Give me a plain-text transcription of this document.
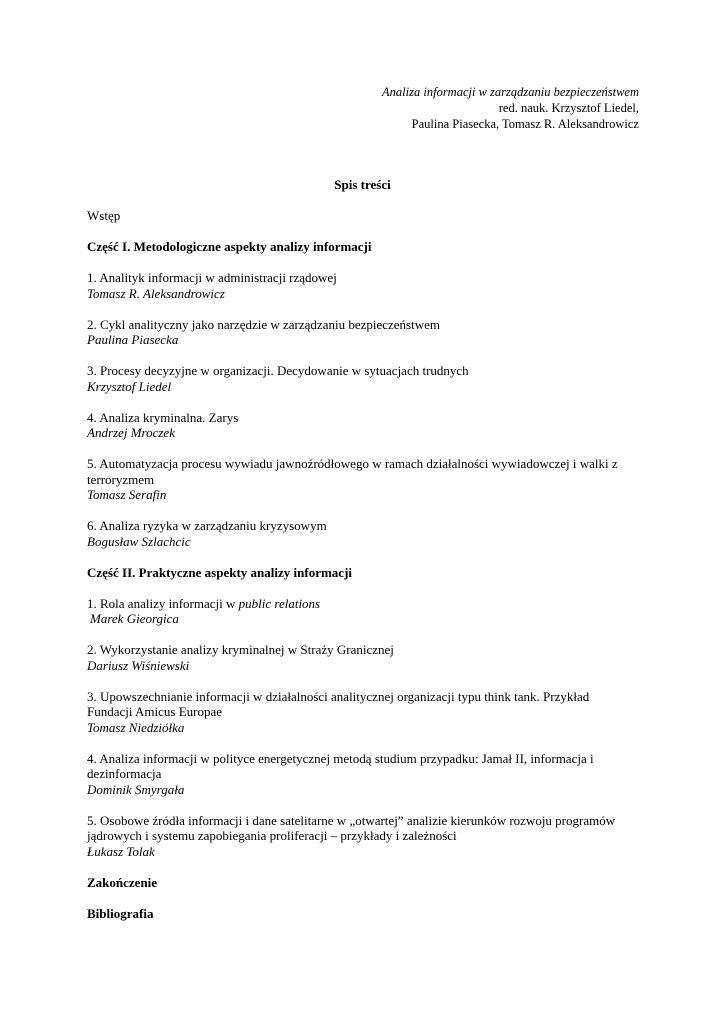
Analiza informacji w zarządzaniu bezpieczeństwem
red. nauk. Krzysztof Liedel,
Paulina Piasecka, Tomasz R. Aleksandrowicz
Spis treści
Wstęp
Część I. Metodologiczne aspekty analizy informacji
1. Analityk informacji w administracji rządowej
Tomasz R. Aleksandrowicz
2. Cykl analityczny jako narzędzie w zarządzaniu bezpieczeństwem
Paulina Piasecka
3. Procesy decyzyjne w organizacji. Decydowanie w sytuacjach trudnych
Krzysztof Liedel
4. Analiza kryminalna. Zarys
Andrzej Mroczek
5. Automatyzacja procesu wywiadu jawnoźródłowego w ramach działalności wywiadowczej i walki z
terroryzmem
Tomasz Serafin
6. Analiza ryzyka w zarządzaniu kryzysowym
Bogusław Szlachcic
Część II. Praktyczne aspekty analizy informacji
1. Rola analizy informacji w public relations
Marek Gieorgica
2. Wykorzystanie analizy kryminalnej w Straży Granicznej
Dariusz Wiśniewski
3. Upowszechnianie informacji w działalności analitycznej organizacji typu think tank. Przykład
Fundacji Amicus Europae
Tomasz Niedziółka
4. Analiza informacji w polityce energetycznej metodą studium przypadku: Jamał II, informacja i
dezinformacja
Dominik Smyrgała
5. Osobowe źródła informacji i dane satelitarne w „otwartej” analizie kierunków rozwoju programów
jądrowych i systemu zapobiegania proliferacji – przykłady i zależności
Łukasz Tolak
Zakończenie
Bibliografia
